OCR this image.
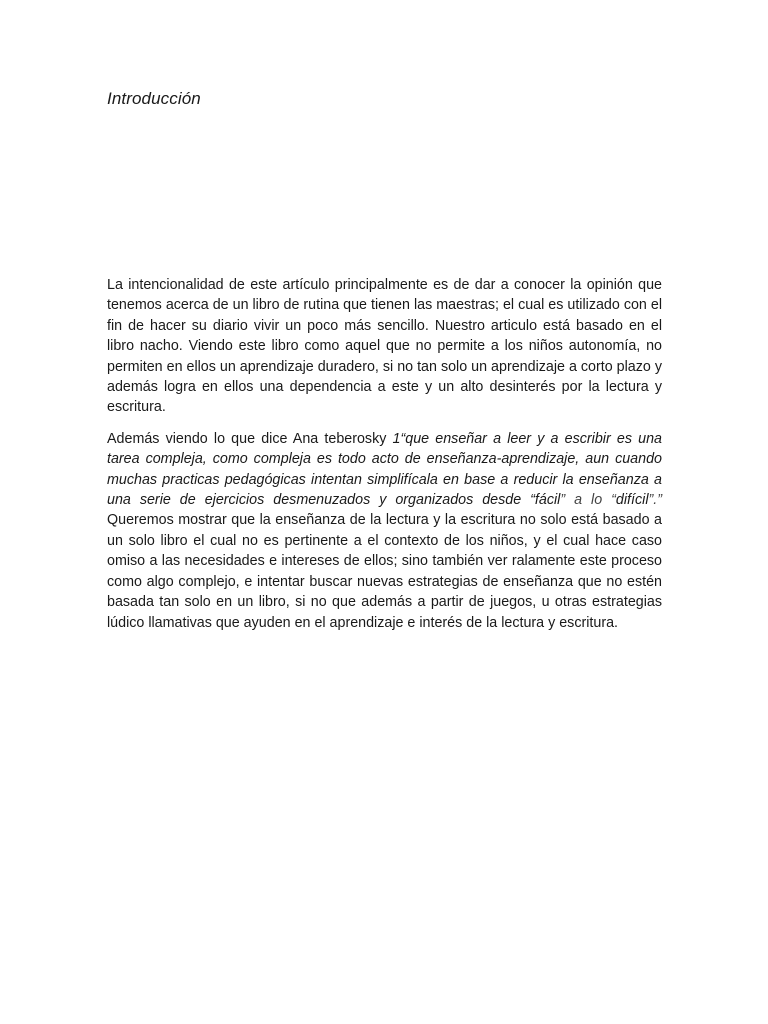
Introducción

La intencionalidad de este artículo principalmente es de dar a conocer la opinión que tenemos acerca de un libro de rutina que tienen las maestras; el cual es utilizado con el fin de hacer su diario vivir un poco más sencillo. Nuestro articulo está basado en el libro nacho. Viendo este libro como aquel que no permite a los niños autonomía, no permiten en ellos un aprendizaje duradero, si no tan solo un aprendizaje a corto plazo y además logra en ellos una dependencia a este y un alto desinterés por la lectura y escritura.

Además viendo lo que dice Ana teberosky 1“que enseñar a leer y a escribir es una tarea compleja, como compleja es todo acto de enseñanza-aprendizaje, aun cuando muchas practicas pedagógicas intentan simplifícala en base a reducir la enseñanza a una serie de ejercicios desmenuzados y organizados desde “fácil” a lo “difícil”.” Queremos mostrar que la enseñanza de la lectura y la escritura no solo está basado a un solo libro el cual no es pertinente a el contexto de los niños, y el cual hace caso omiso a las necesidades e intereses de ellos; sino también ver ralamente este proceso como algo complejo, e intentar buscar nuevas estrategias de enseñanza que no estén basada tan solo en un libro, si no que además a partir de juegos, u otras estrategias lúdico llamativas que ayuden en el aprendizaje e interés de la lectura y escritura.
